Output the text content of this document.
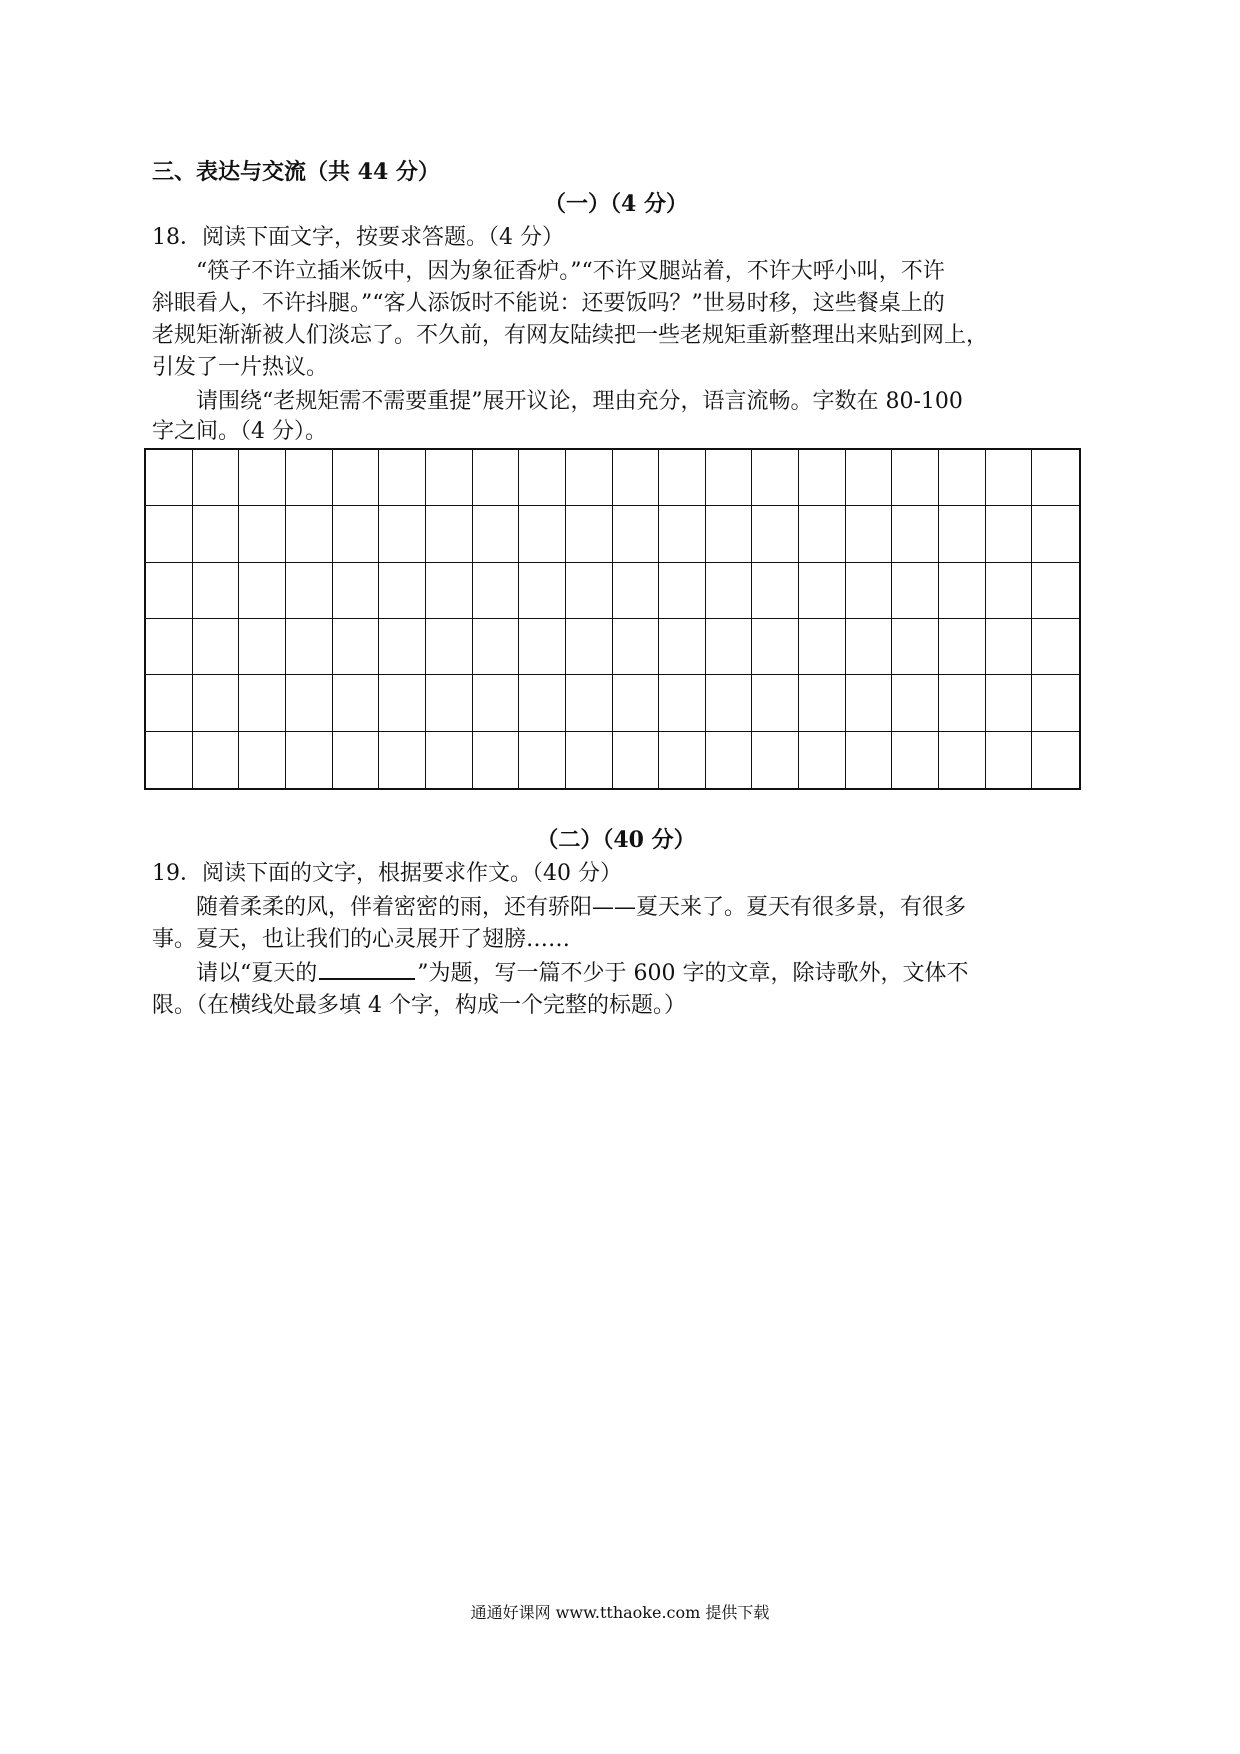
三、表达与交流（共 44 分）
（一）（4 分）
18．阅读下面文字，按要求答题。（4 分）
“筷子不许立插米饭中，因为象征香炉。”“不许叉腿站着，不许大呼小叫，不许
斜眼看人，不许抖腿。”“客人添饭时不能说：还要饭吗？”世易时移，这些餐桌上的
老规矩渐渐被人们淡忘了。不久前，有网友陆续把一些老规矩重新整理出来贴到网上，
引发了一片热议。
请围绕“老规矩需不需要重提”展开议论，理由充分，语言流畅。字数在 80-100
字之间。（4 分）。
（二）（40 分）
19．阅读下面的文字，根据要求作文。（40 分）
随着柔柔的风，伴着密密的雨，还有骄阳——夏天来了。夏天有很多景，有很多
事。夏天，也让我们的心灵展开了翅膀……
请以“夏天的	”为题，写一篇不少于 600 字的文章，除诗歌外，文体不
限。（在横线处最多填 4 个字，构成一个完整的标题。）
通通好课网 www.tthaoke.com 提供下载
